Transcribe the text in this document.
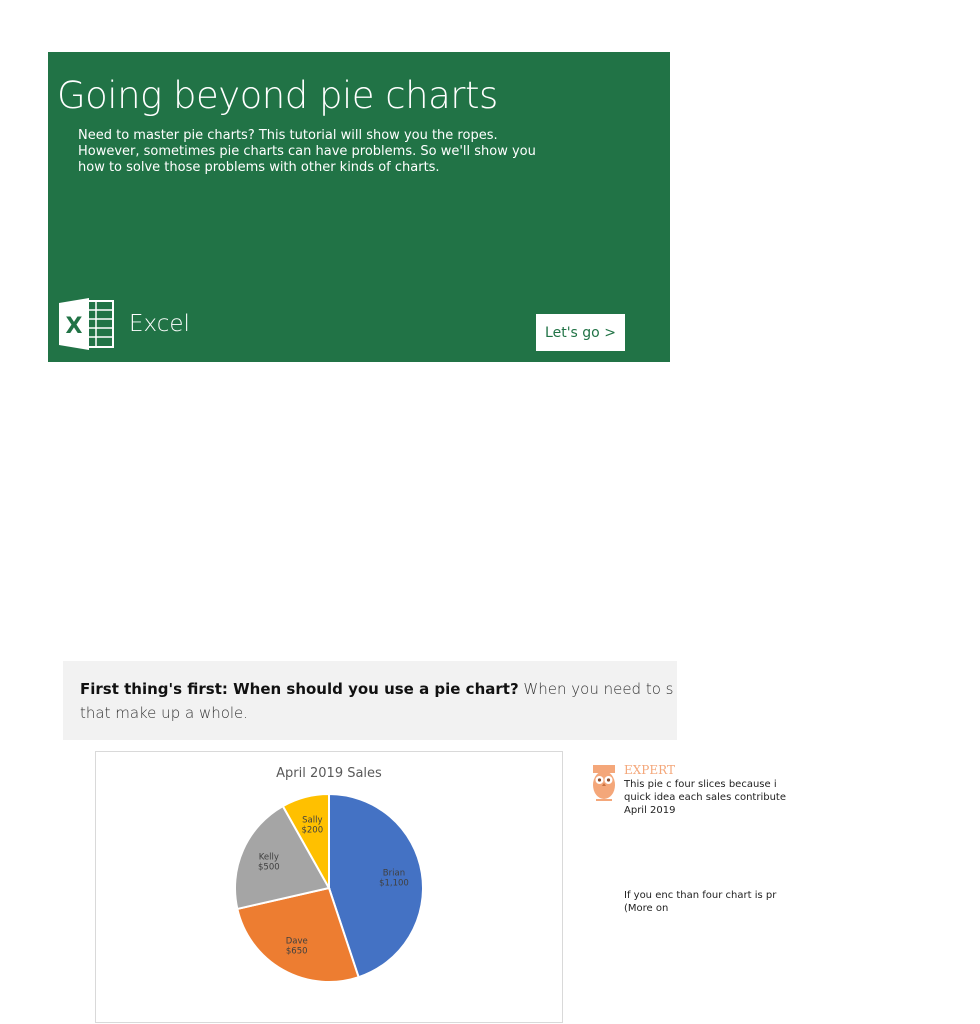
Going beyond pie charts
Need to master pie charts? This tutorial will show you the ropes. However, sometimes pie charts can have problems. So we'll show you how to solve those problems with other kinds of charts.
X Excel	Let's go >
First thing's first: When should you use a pie chart? When you need to s
that make up a whole.
April 2019 Sales
Brian
$1,100
Dave
$650
Kelly
$500
Sally
$200
EXPERT

This pie c four slices because i quick idea each sales contribute April 2019

If you enc than four chart is pr (More on
